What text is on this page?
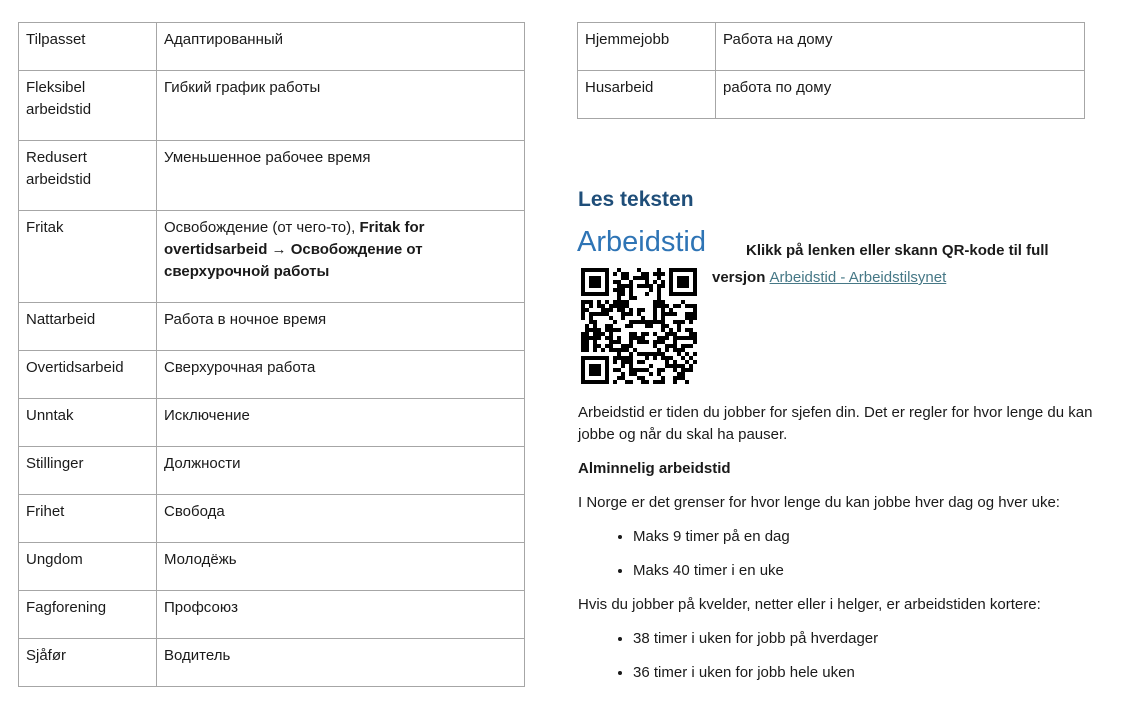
Tilpasset	Адаптированный
Fleksibel arbeidstid	Гибкий график работы
Redusert arbeidstid	Уменьшенное рабочее время
Fritak	Освобождение (от чего-то), Fritak for overtidsarbeid → Освобождение от сверхурочной работы
Nattarbeid	Работа в ночное время
Overtidsarbeid	Сверхурочная работа
Unntak	Исключение
Stillinger	Должности
Frihet	Свобода
Ungdom	Молодёжь
Fagforening	Профсоюз
Sjåfør	Водитель
Hjemmejobb	Работа на дому
Husarbeid	работа по дому
Les teksten
Arbeidstid	Klikk på lenken eller skann QR-kode til full
versjon Arbeidstid - Arbeidstilsynet

Arbeidstid er tiden du jobber for sjefen din. Det er regler for hvor lenge du kan jobbe og når du skal ha pauser.

Alminnelig arbeidstid

I Norge er det grenser for hvor lenge du kan jobbe hver dag og hver uke:

• Maks 9 timer på en dag
• Maks 40 timer i en uke

Hvis du jobber på kvelder, netter eller i helger, er arbeidstiden kortere:

• 38 timer i uken for jobb på hverdager
• 36 timer i uken for jobb hele uken
